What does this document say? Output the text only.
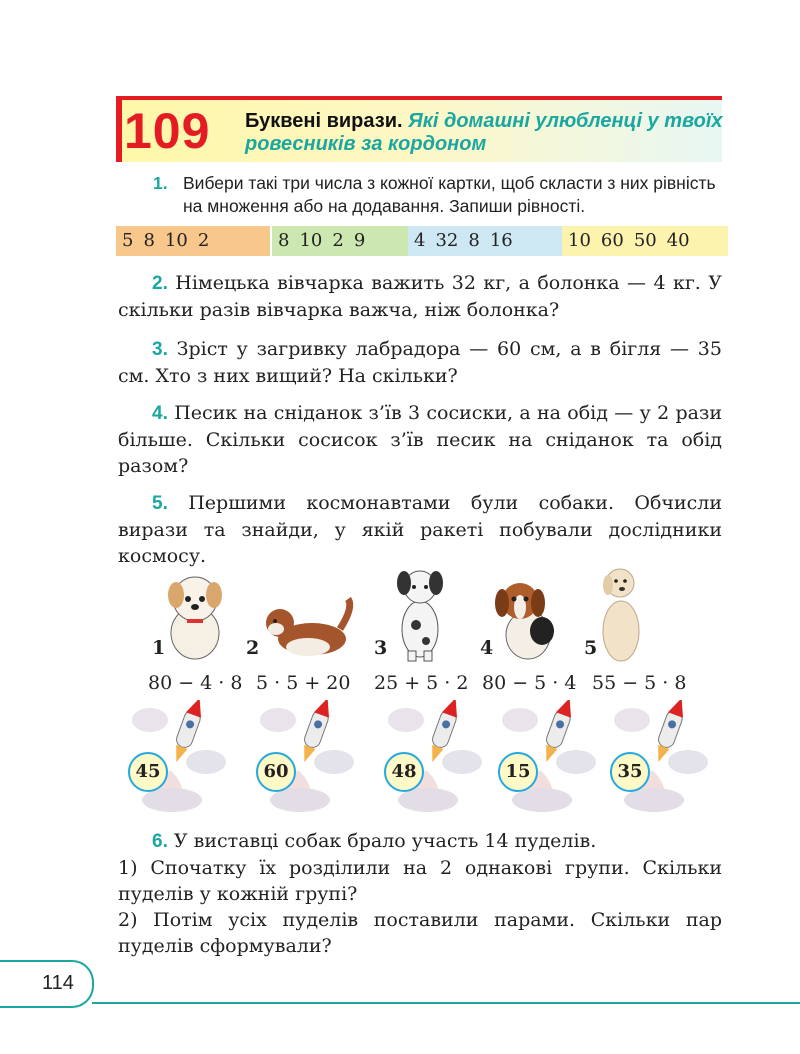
109 Буквені вирази. Які домашні улюбленці у твоїх ровесників за кордоном
1. Вибери такі три числа з кожної картки, щоб скласти з них рівність на множення або на додавання. Запиши рівності.
5 8 10 2	8 10 2 9	4 32 8 16	10 60 50 40
2. Німецька вівчарка важить 32 кг, а болонка — 4 кг. У скільки разів вівчарка важча, ніж болонка?
3. Зріст у загривку лабрадора — 60 см, а в бігля — 35 см. Хто з них вищий? На скільки?
4. Песик на сніданок з’їв 3 сосиски, а на обід — у 2 рази більше. Скільки сосисок з’їв песик на сніданок та обід разом?
5. Першими космонавтами були собаки. Обчисли вирази та знайди, у якій ракеті побували дослідники космосу.
1	2	3	4	5
80 − 4 · 8 5 · 5 + 20 25 + 5 · 2 80 − 5 · 4 55 − 5 · 8
45	60	48	15	35
6. У виставці собак брало участь 14 пуделів.
1) Спочатку їх розділили на 2 однакові групи. Скільки пуделів у кожній групі?
2) Потім усіх пуделів поставили парами. Скільки пар пуделів сформували?
114
